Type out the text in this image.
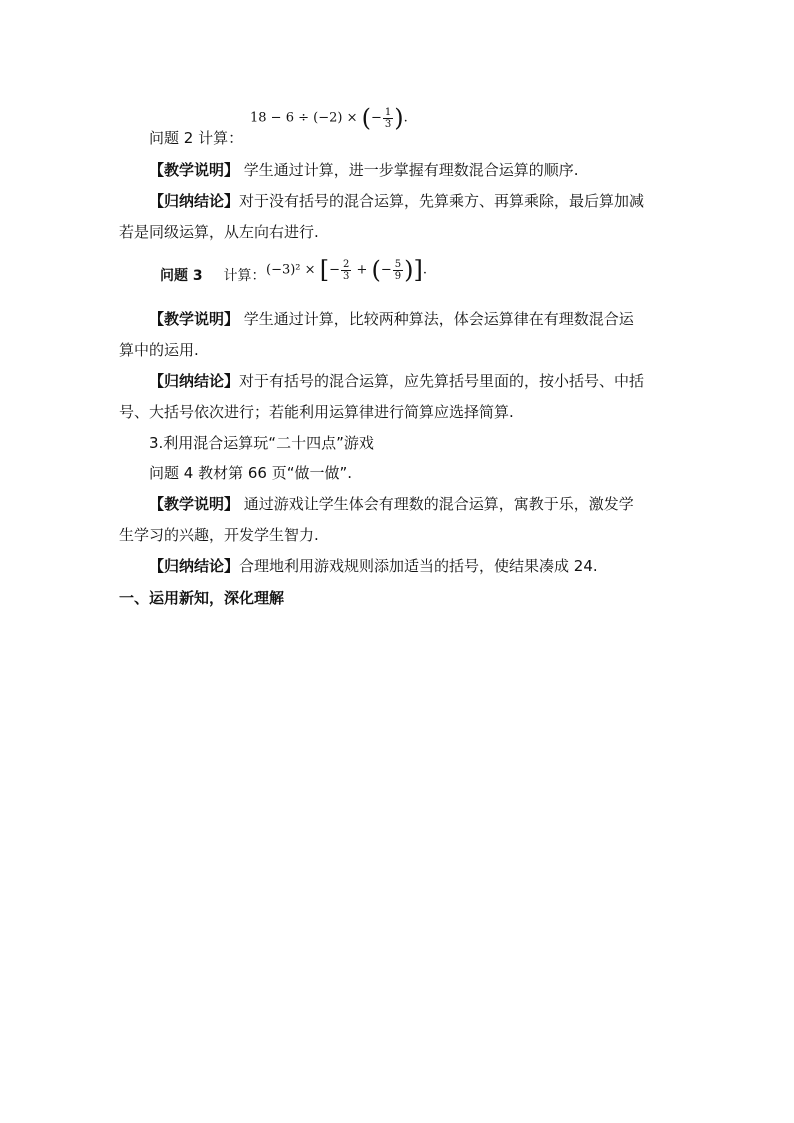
18 − 6 ÷ (−2) × (− $\frac{1}{3}$ ).
问题 2 计算：
【教学说明】 学生通过计算，进一步掌握有理数混合运算的顺序.
【归纳结论】对于没有括号的混合运算，先算乘方、再算乘除，最后算加减
若是同级运算，从左向右进行.
问题 3 计算： (−3)² × [− $\frac{2}{3}$ + (− $\frac{5}{9}$ )].
【教学说明】 学生通过计算，比较两种算法，体会运算律在有理数混合运
算中的运用.
【归纳结论】对于有括号的混合运算，应先算括号里面的，按小括号、中括
号、大括号依次进行；若能利用运算律进行简算应选择简算.
3.利用混合运算玩“二十四点”游戏
问题 4 教材第 66 页“做一做”.
【教学说明】 通过游戏让学生体会有理数的混合运算，寓教于乐，激发学
生学习的兴趣，开发学生智力.
【归纳结论】合理地利用游戏规则添加适当的括号，使结果凑成 24.
一、运用新知，深化理解
